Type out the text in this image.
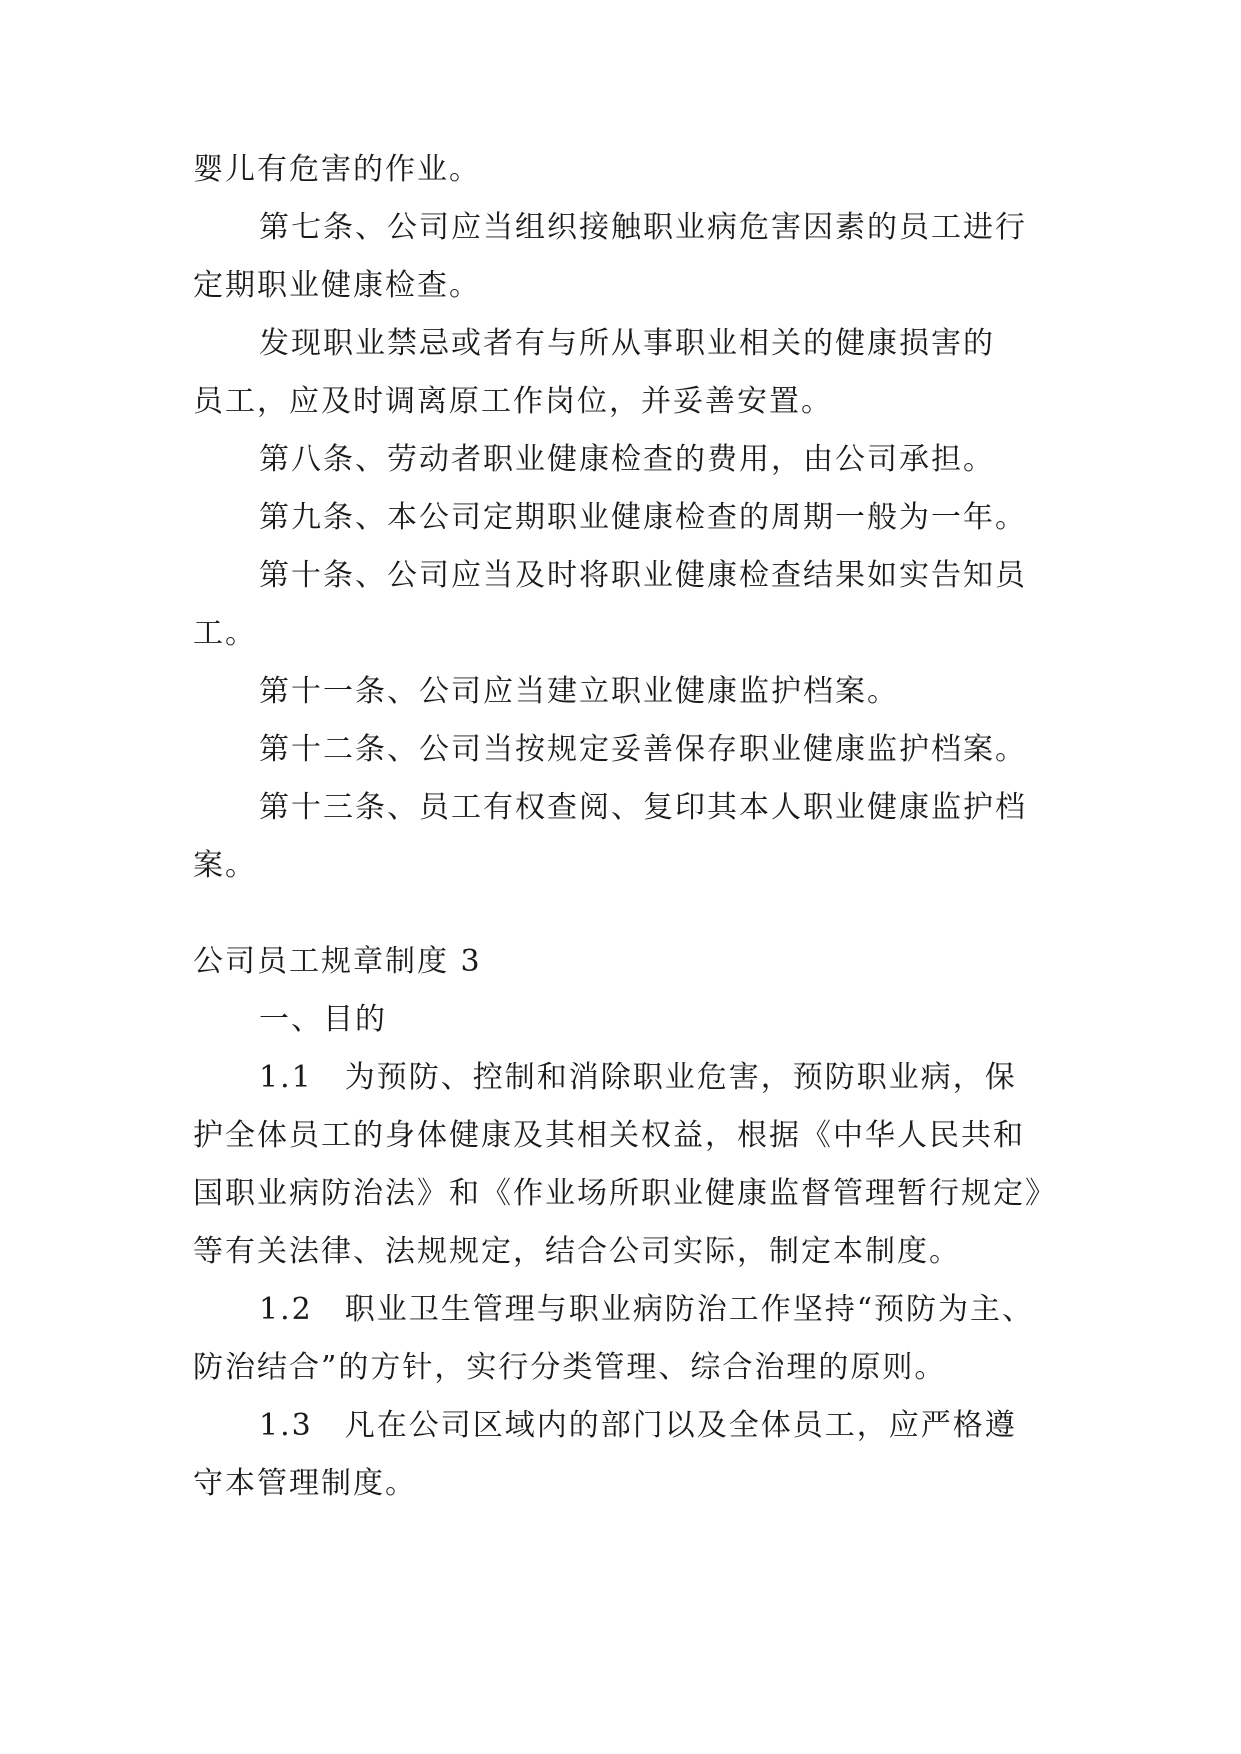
婴儿有危害的作业。
第七条、公司应当组织接触职业病危害因素的员工进行
定期职业健康检查。
发现职业禁忌或者有与所从事职业相关的健康损害的
员工，应及时调离原工作岗位，并妥善安置。
第八条、劳动者职业健康检查的费用，由公司承担。
第九条、本公司定期职业健康检查的周期一般为一年。
第十条、公司应当及时将职业健康检查结果如实告知员
工。
第十一条、公司应当建立职业健康监护档案。
第十二条、公司当按规定妥善保存职业健康监护档案。
第十三条、员工有权查阅、复印其本人职业健康监护档
案。
公司员工规章制度 3
一、目的
1.1　为预防、控制和消除职业危害，预防职业病，保
护全体员工的身体健康及其相关权益，根据《中华人民共和
国职业病防治法》和《作业场所职业健康监督管理暂行规定》
等有关法律、法规规定，结合公司实际，制定本制度。
1.2　职业卫生管理与职业病防治工作坚持“预防为主、
防治结合”的方针，实行分类管理、综合治理的原则。
1.3　凡在公司区域内的部门以及全体员工，应严格遵
守本管理制度。
